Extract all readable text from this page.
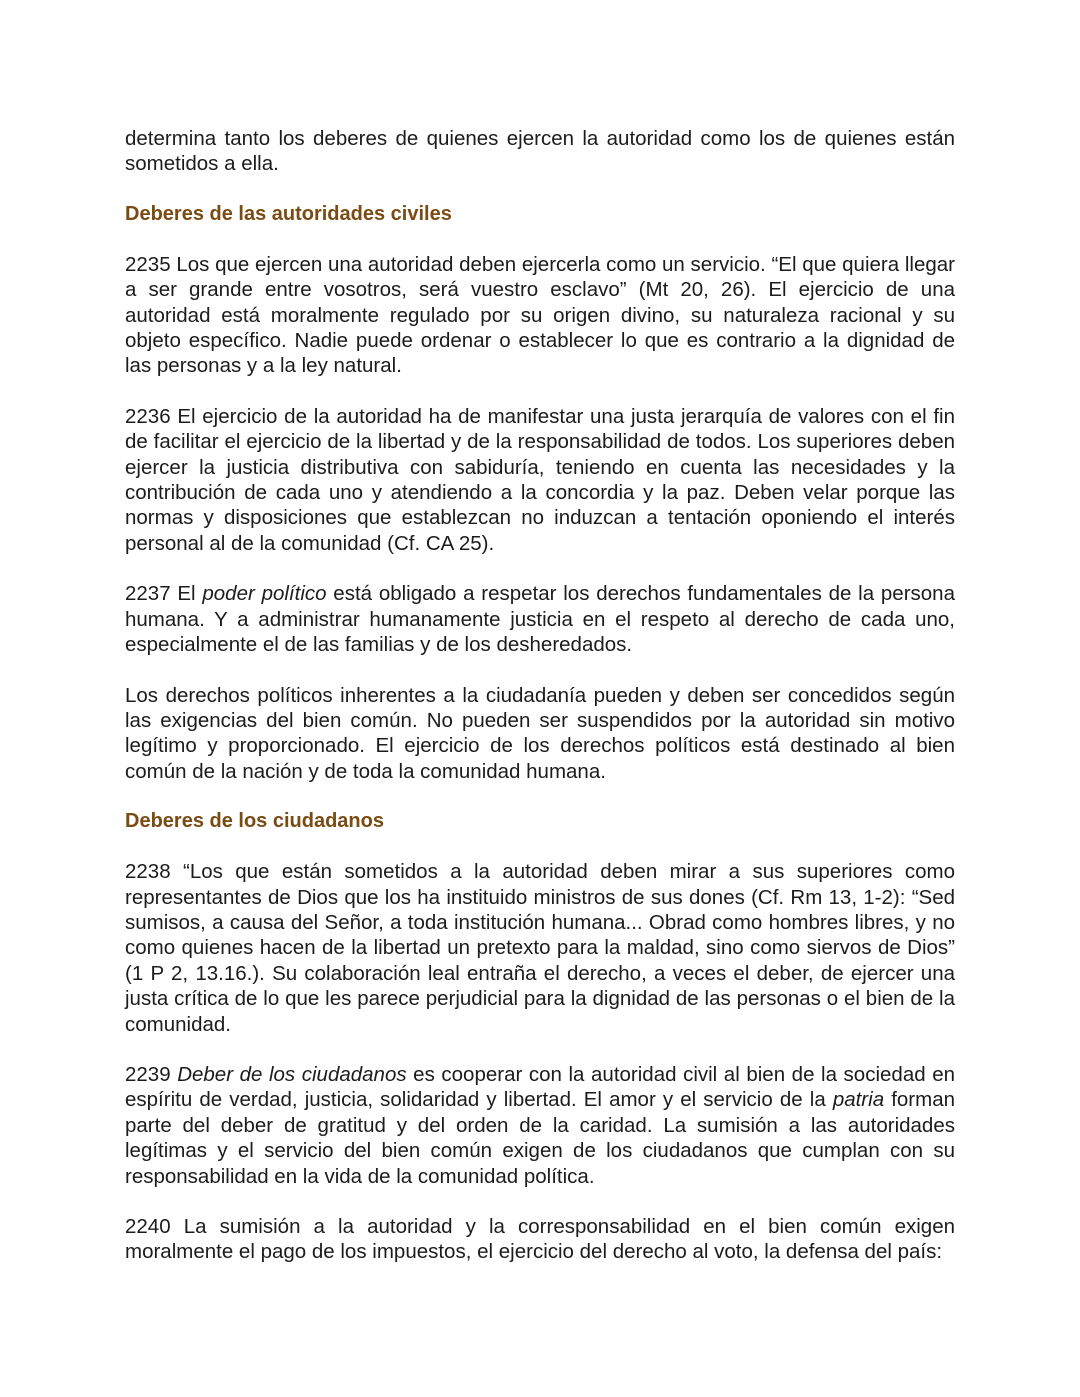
determina tanto los deberes de quienes ejercen la autoridad como los de quienes están sometidos a ella.

Deberes de las autoridades civiles

2235 Los que ejercen una autoridad deben ejercerla como un servicio. “El que quiera llegar a ser grande entre vosotros, será vuestro esclavo” (Mt 20, 26). El ejercicio de una autoridad está moralmente regulado por su origen divino, su naturaleza racional y su objeto específico. Nadie puede ordenar o establecer lo que es contrario a la dignidad de las personas y a la ley natural.

2236 El ejercicio de la autoridad ha de manifestar una justa jerarquía de valores con el fin de facilitar el ejercicio de la libertad y de la responsabilidad de todos. Los superiores deben ejercer la justicia distributiva con sabiduría, teniendo en cuenta las necesidades y la contribución de cada uno y atendiendo a la concordia y la paz. Deben velar porque las normas y disposiciones que establezcan no induzcan a tentación oponiendo el interés personal al de la comunidad (Cf. CA 25).

2237 El poder político está obligado a respetar los derechos fundamentales de la persona humana. Y a administrar humanamente justicia en el respeto al derecho de cada uno, especialmente el de las familias y de los desheredados.

Los derechos políticos inherentes a la ciudadanía pueden y deben ser concedidos según las exigencias del bien común. No pueden ser suspendidos por la autoridad sin motivo legítimo y proporcionado. El ejercicio de los derechos políticos está destinado al bien común de la nación y de toda la comunidad humana.

Deberes de los ciudadanos

2238 “Los que están sometidos a la autoridad deben mirar a sus superiores como representantes de Dios que los ha instituido ministros de sus dones (Cf. Rm 13, 1-2): “Sed sumisos, a causa del Señor, a toda institución humana... Obrad como hombres libres, y no como quienes hacen de la libertad un pretexto para la maldad, sino como siervos de Dios” (1 P 2, 13.16.). Su colaboración leal entraña el derecho, a veces el deber, de ejercer una justa crítica de lo que les parece perjudicial para la dignidad de las personas o el bien de la comunidad.

2239 Deber de los ciudadanos es cooperar con la autoridad civil al bien de la sociedad en espíritu de verdad, justicia, solidaridad y libertad. El amor y el servicio de la patria forman parte del deber de gratitud y del orden de la caridad. La sumisión a las autoridades legítimas y el servicio del bien común exigen de los ciudadanos que cumplan con su responsabilidad en la vida de la comunidad política.

2240 La sumisión a la autoridad y la corresponsabilidad en el bien común exigen moralmente el pago de los impuestos, el ejercicio del derecho al voto, la defensa del país:
